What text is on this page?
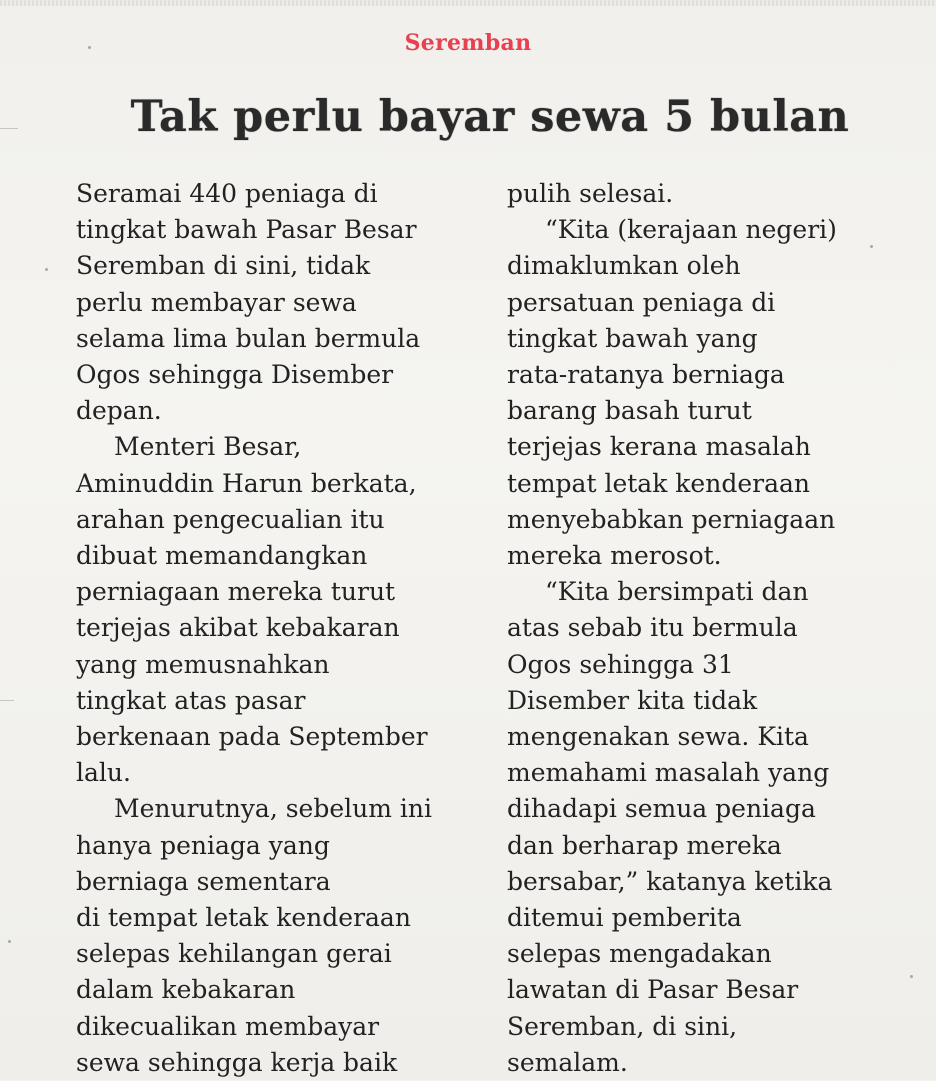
Seremban
Tak perlu bayar sewa 5 bulan

Seramai 440 peniaga di

tingkat bawah Pasar Besar

Seremban di sini, tidak

perlu membayar sewa

selama lima bulan bermula

Ogos sehingga Disember

depan.

Menteri Besar,

Aminuddin Harun berkata,

arahan pengecualian itu

dibuat memandangkan

perniagaan mereka turut

terjejas akibat kebakaran

yang memusnahkan

tingkat atas pasar

berkenaan pada September

lalu.

Menurutnya, sebelum ini

hanya peniaga yang

berniaga sementara

di tempat letak kenderaan

selepas kehilangan gerai

dalam kebakaran

dikecualikan membayar

sewa sehingga kerja baik

pulih selesai.

“Kita (kerajaan negeri)

dimaklumkan oleh

persatuan peniaga di

tingkat bawah yang

rata-ratanya berniaga

barang basah turut

terjejas kerana masalah

tempat letak kenderaan

menyebabkan perniagaan

mereka merosot.

“Kita bersimpati dan

atas sebab itu bermula

Ogos sehingga 31

Disember kita tidak

mengenakan sewa. Kita

memahami masalah yang

dihadapi semua peniaga

dan berharap mereka

bersabar,” katanya ketika

ditemui pemberita

selepas mengadakan

lawatan di Pasar Besar

Seremban, di sini,

semalam.
